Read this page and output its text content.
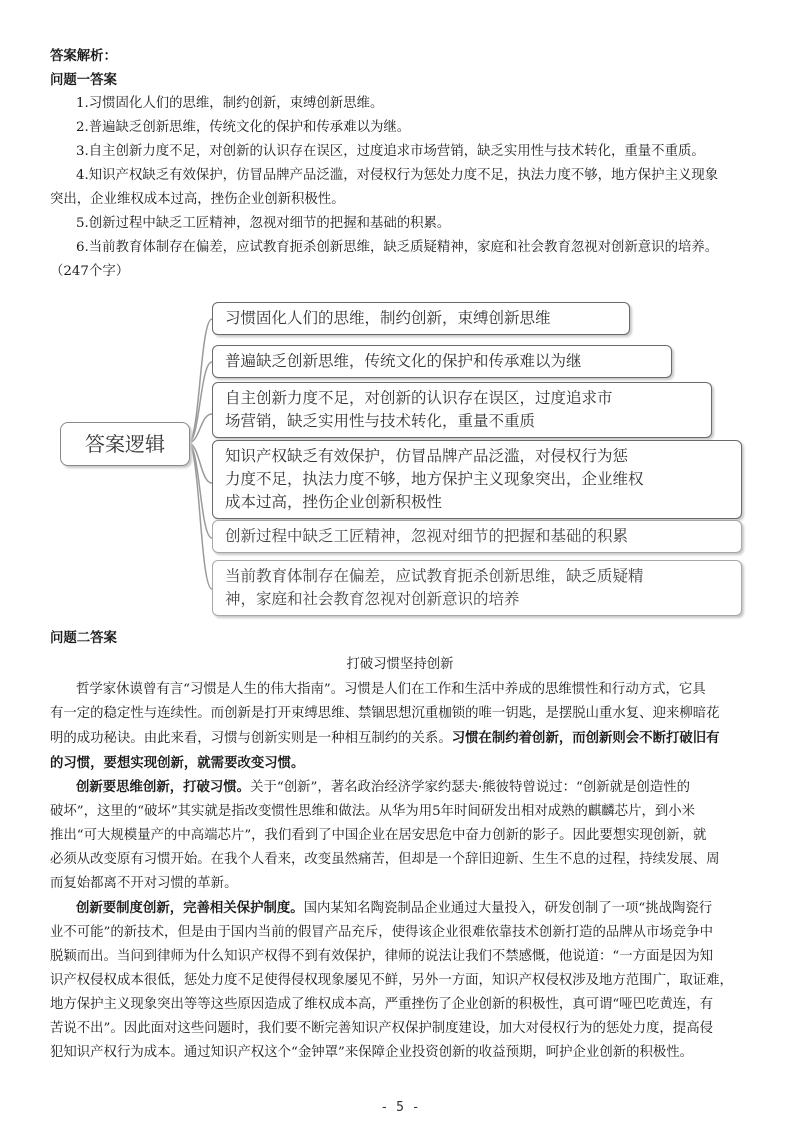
答案解析：
问题一答案
1.习惯固化人们的思维，制约创新，束缚创新思维。
2.普遍缺乏创新思维，传统文化的保护和传承难以为继。
3.自主创新力度不足，对创新的认识存在误区，过度追求市场营销，缺乏实用性与技术转化，重量不重质。
4.知识产权缺乏有效保护，仿冒品牌产品泛滥，对侵权行为惩处力度不足，执法力度不够，地方保护主义现象
突出，企业维权成本过高，挫伤企业创新积极性。
5.创新过程中缺乏工匠精神，忽视对细节的把握和基础的积累。
6.当前教育体制存在偏差，应试教育扼杀创新思维，缺乏质疑精神，家庭和社会教育忽视对创新意识的培养。
（247个字）
答案逻辑
习惯固化人们的思维，制约创新，束缚创新思维
普遍缺乏创新思维，传统文化的保护和传承难以为继
自主创新力度不足，对创新的认识存在误区，过度追求市
场营销，缺乏实用性与技术转化，重量不重质
知识产权缺乏有效保护，仿冒品牌产品泛滥，对侵权行为惩
力度不足，执法力度不够，地方保护主义现象突出，企业维权
成本过高，挫伤企业创新积极性
创新过程中缺乏工匠精神，忽视对细节的把握和基础的积累
当前教育体制存在偏差，应试教育扼杀创新思维，缺乏质疑精
神，家庭和社会教育忽视对创新意识的培养
问题二答案
打破习惯坚持创新
哲学家休谟曾有言“习惯是人生的伟大指南”。习惯是人们在工作和生活中养成的思维惯性和行动方式，它具
有一定的稳定性与连续性。而创新是打开束缚思维、禁锢思想沉重枷锁的唯一钥匙，是摆脱山重水复、迎来柳暗花
明的成功秘诀。由此来看，习惯与创新实则是一种相互制约的关系。习惯在制约着创新，而创新则会不断打破旧有
的习惯，要想实现创新，就需要改变习惯。
创新要思维创新，打破习惯。关于“创新”，著名政治经济学家约瑟夫·熊彼特曾说过：“创新就是创造性的
破坏”，这里的“破坏”其实就是指改变惯性思维和做法。从华为用5年时间研发出相对成熟的麒麟芯片，到小米
推出“可大规模量产的中高端芯片”，我们看到了中国企业在居安思危中奋力创新的影子。因此要想实现创新，就
必须从改变原有习惯开始。在我个人看来，改变虽然痛苦，但却是一个辞旧迎新、生生不息的过程，持续发展、周
而复始都离不开对习惯的革新。
创新要制度创新，完善相关保护制度。国内某知名陶瓷制品企业通过大量投入，研发创制了一项“挑战陶瓷行
业不可能”的新技术，但是由于国内当前的假冒产品充斥，使得该企业很难依靠技术创新打造的品牌从市场竞争中
脱颖而出。当问到律师为什么知识产权得不到有效保护，律师的说法让我们不禁感慨，他说道：“一方面是因为知
识产权侵权成本很低，惩处力度不足使得侵权现象屡见不鲜，另外一方面，知识产权侵权涉及地方范围广，取证难，
地方保护主义现象突出等等这些原因造成了维权成本高，严重挫伤了企业创新的积极性，真可谓“哑巴吃黄连，有
苦说不出”。因此面对这些问题时，我们要不断完善知识产权保护制度建设，加大对侵权行为的惩处力度，提高侵
犯知识产权行为成本。通过知识产权这个“金钟罩”来保障企业投资创新的收益预期，呵护企业创新的积极性。
- 5 -
